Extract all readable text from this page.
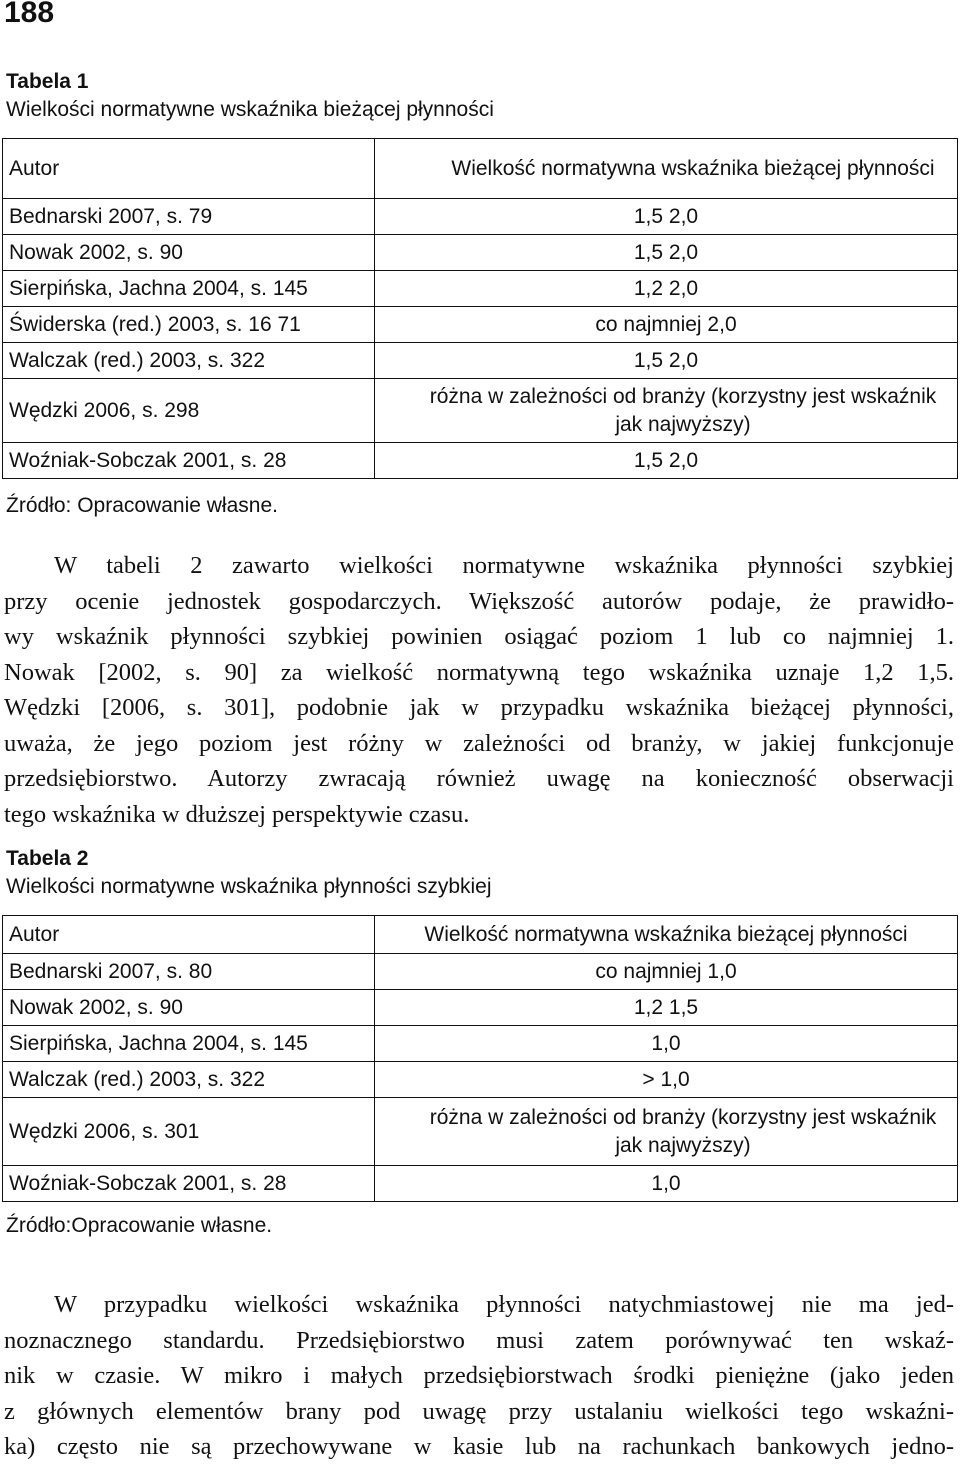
188
Tabela 1
Wielkości normatywne wskaźnika bieżącej płynności
Autor	Wielkość normatywna wskaźnika bieżącej płynności
Bednarski 2007, s. 79	1,5 2,0
Nowak 2002, s. 90	1,5 2,0
Sierpińska, Jachna 2004, s. 145	1,2 2,0
Świderska (red.) 2003, s. 16 71	co najmniej 2,0
Walczak (red.) 2003, s. 322	1,5 2,0
Wędzki 2006, s. 298	różna w zależności od branży (korzystny jest wskaźnik jak najwyższy)
Woźniak-Sobczak 2001, s. 28	1,5 2,0
Źródło: Opracowanie własne.
W tabeli 2 zawarto wielkości normatywne wskaźnika płynności szybkiej
przy ocenie jednostek gospodarczych. Większość autorów podaje, że prawidło-
wy wskaźnik płynności szybkiej powinien osiągać poziom 1 lub co najmniej 1.
Nowak [2002, s. 90] za wielkość normatywną tego wskaźnika uznaje 1,2 1,5.
Wędzki [2006, s. 301], podobnie jak w przypadku wskaźnika bieżącej płynności,
uważa, że jego poziom jest różny w zależności od branży, w jakiej funkcjonuje
przedsiębiorstwo. Autorzy zwracają również uwagę na konieczność obserwacji
tego wskaźnika w dłuższej perspektywie czasu.
Tabela 2
Wielkości normatywne wskaźnika płynności szybkiej
Autor	Wielkość normatywna wskaźnika bieżącej płynności
Bednarski 2007, s. 80	co najmniej 1,0
Nowak 2002, s. 90	1,2 1,5
Sierpińska, Jachna 2004, s. 145	1,0
Walczak (red.) 2003, s. 322	> 1,0
Wędzki 2006, s. 301	różna w zależności od branży (korzystny jest wskaźnik jak najwyższy)
Woźniak-Sobczak 2001, s. 28	1,0
Źródło:Opracowanie własne.
W przypadku wielkości wskaźnika płynności natychmiastowej nie ma jed-
noznacznego standardu. Przedsiębiorstwo musi zatem porównywać ten wskaź-
nik w czasie. W mikro i małych przedsiębiorstwach środki pieniężne (jako jeden
z głównych elementów brany pod uwagę przy ustalaniu wielkości tego wskaźni-
ka) często nie są przechowywane w kasie lub na rachunkach bankowych jedno-
